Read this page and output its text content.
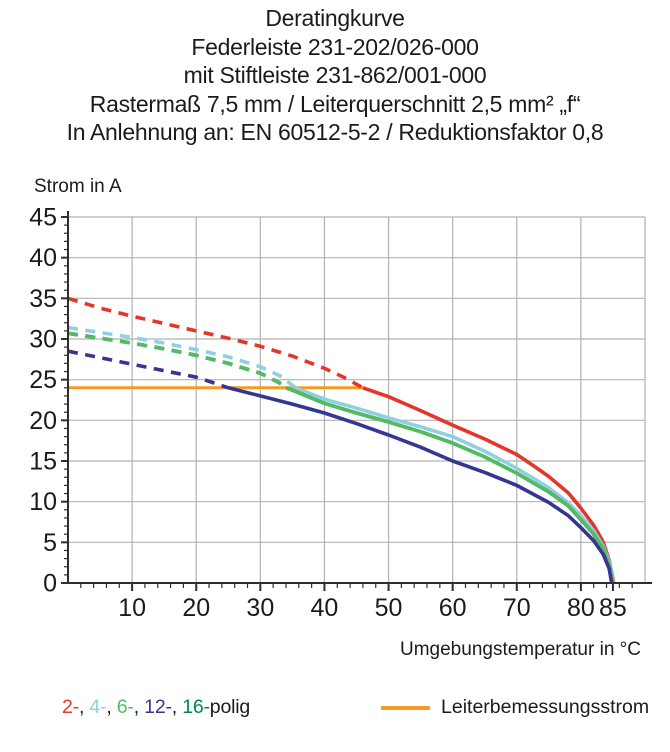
Deratingkurve
Federleiste 231-202/026-000
mit Stiftleiste 231-862/001-000
Rastermaß 7,5 mm / Leiterquerschnitt 2,5 mm² „f“
In Anlehnung an: EN 60512-5-2 / Reduktionsfaktor 0,8
Strom in A
0
5
10
15
20
25
30
35
40
45
10 20 30 40 50 60 70 80 85
Umgebungstemperatur in °C
2-, 4-, 6-, 12-, 16-polig	Leiterbemessungsstrom
